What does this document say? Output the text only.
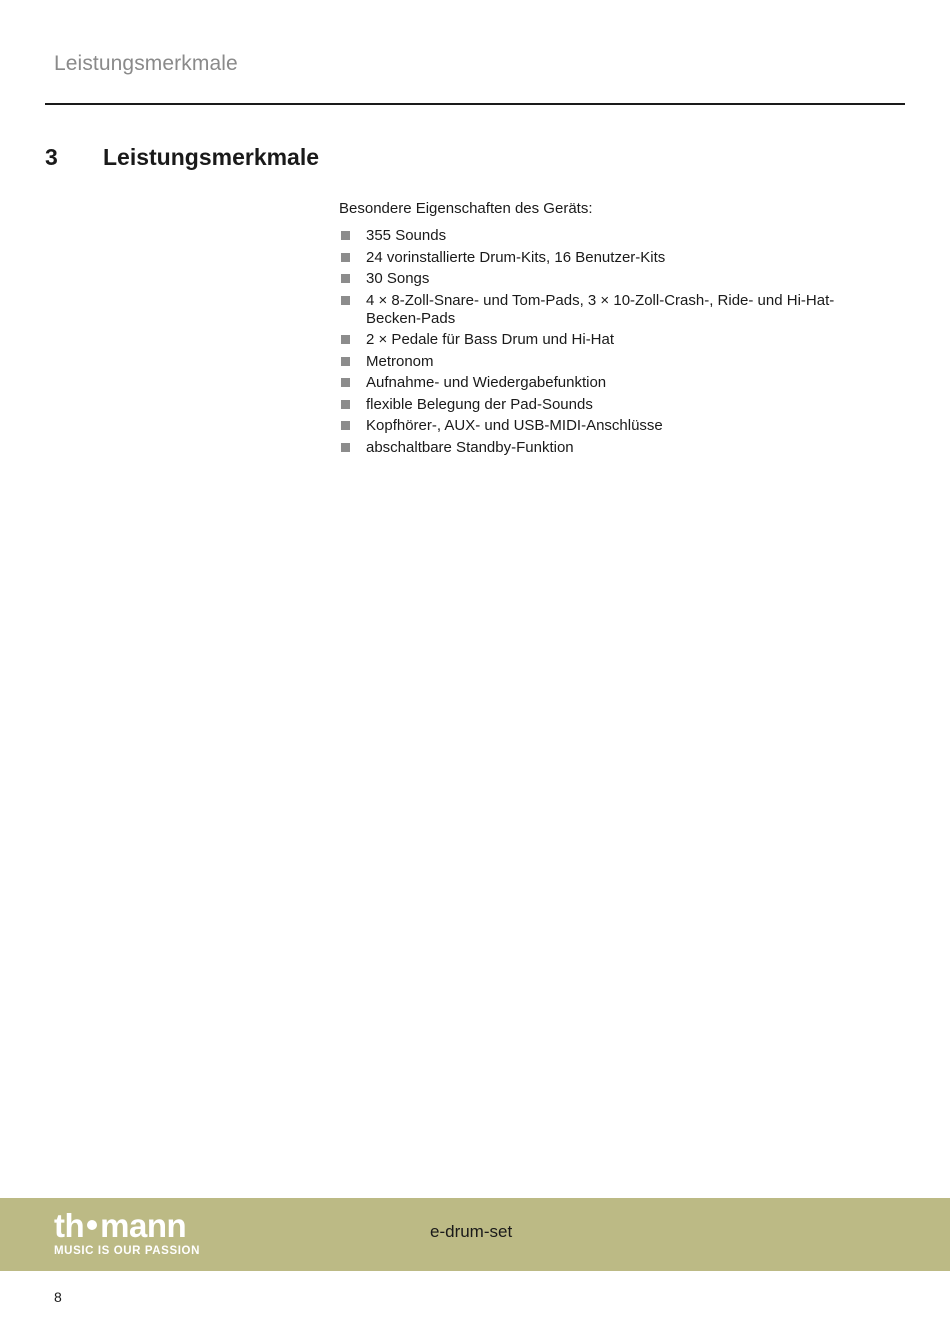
Leistungsmerkmale
3 Leistungsmerkmale

Besondere Eigenschaften des Geräts:

355 Sounds
24 vorinstallierte Drum-Kits, 16 Benutzer-Kits
30 Songs
4 × 8-Zoll-Snare- und Tom-Pads, 3 × 10-Zoll-Crash-, Ride- und Hi-Hat-Becken-Pads
2 × Pedale für Bass Drum und Hi-Hat
Metronom
Aufnahme- und Wiedergabefunktion
flexible Belegung der Pad-Sounds
Kopfhörer-, AUX- und USB-MIDI-Anschlüsse
abschaltbare Standby-Funktion
th mann
MUSIC IS OUR PASSION
e-drum-set
8
